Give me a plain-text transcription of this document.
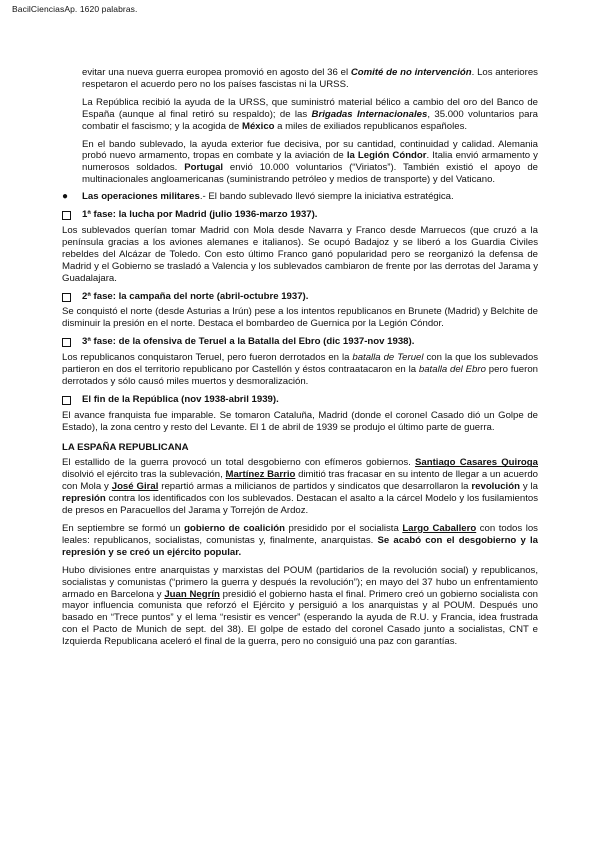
BacilCienciasAp. 1620 palabras.

evitar una nueva guerra europea promovió en agosto del 36 el Comité de no intervención. Los anteriores respetaron el acuerdo pero no los países fascistas ni la URSS.

La República recibió la ayuda de la URSS, que suministró material bélico a cambio del oro del Banco de España (aunque al final retiró su respaldo); de las Brigadas Internacionales, 35.000 voluntarios para combatir el fascismo; y la acogida de México a miles de exiliados republicanos españoles.

En el bando sublevado, la ayuda exterior fue decisiva, por su cantidad, continuidad y calidad. Alemania probó nuevo armamento, tropas en combate y la aviación de la Legión Cóndor. Italia envió armamento y numerosos soldados. Portugal envió 10.000 voluntarios (“Viriatos”). También existió el apoyo de multinacionales angloamericanas (suministrando petróleo y medios de transporte) y del Vaticano.

● Las operaciones militares.- El bando sublevado llevó siempre la iniciativa estratégica.

1ª fase: la lucha por Madrid (julio 1936-marzo 1937).

Los sublevados querían tomar Madrid con Mola desde Navarra y Franco desde Marruecos (que cruzó a la península gracias a los aviones alemanes e italianos). Se ocupó Badajoz y se liberó a los Guardia Civiles rebeldes del Alcázar de Toledo. Con esto último Franco ganó popularidad pero se reorganizó la defensa de Madrid y el Gobierno se trasladó a Valencia y los sublevados cambiaron de frente por las derrotas del Jarama y Guadalajara.

2ª fase: la campaña del norte (abril-octubre 1937).

Se conquistó el norte (desde Asturias a Irún) pese a los intentos republicanos en Brunete (Madrid) y Belchite de disminuir la presión en el norte. Destaca el bombardeo de Guernica por la Legión Cóndor.

3ª fase: de la ofensiva de Teruel a la Batalla del Ebro (dic 1937-nov 1938).

Los republicanos conquistaron Teruel, pero fueron derrotados en la batalla de Teruel con la que los sublevados partieron en dos el territorio republicano por Castellón y éstos contraatacaron en la batalla del Ebro pero fueron derrotados y sólo causó miles muertos y desmoralización.

El fin de la República (nov 1938-abril 1939).

El avance franquista fue imparable. Se tomaron Cataluña, Madrid (donde el coronel Casado dió un Golpe de Estado), la zona centro y resto del Levante. El 1 de abril de 1939 se produjo el último parte de guerra.

LA ESPAÑA REPUBLICANA

El estallido de la guerra provocó un total desgobierno con efímeros gobiernos. Santiago Casares Quiroga disolvió el ejército tras la sublevación, Martínez Barrio dimitió tras fracasar en su intento de llegar a un acuerdo con Mola y José Giral repartió armas a milicianos de partidos y sindicatos que desarrollaron la revolución y la represión contra los identificados con los sublevados. Destacan el asalto a la cárcel Modelo y los fusilamientos de presos en Paracuellos del Jarama y Torrejón de Ardoz.

En septiembre se formó un gobierno de coalición presidido por el socialista Largo Caballero con todos los leales: republicanos, socialistas, comunistas y, finalmente, anarquistas. Se acabó con el desgobierno y la represión y se creó un ejército popular.

Hubo divisiones entre anarquistas y marxistas del POUM (partidarios de la revolución social) y republicanos, socialistas y comunistas (“primero la guerra y después la revolución”); en mayo del 37 hubo un enfrentamiento armado en Barcelona y Juan Negrín presidió el gobierno hasta el final. Primero creó un gobierno socialista con mayor influencia comunista que reforzó el Ejército y persiguió a los anarquistas y al POUM. Después uno basado en “Trece puntos” y el lema “resistir es vencer” (esperando la ayuda de R.U. y Francia, idea frustrada con el Pacto de Munich de sept. del 38). El golpe de estado del coronel Casado junto a socialistas, CNT e Izquierda Republicana aceleró el final de la guerra, pero no consiguió una paz con garantías.
